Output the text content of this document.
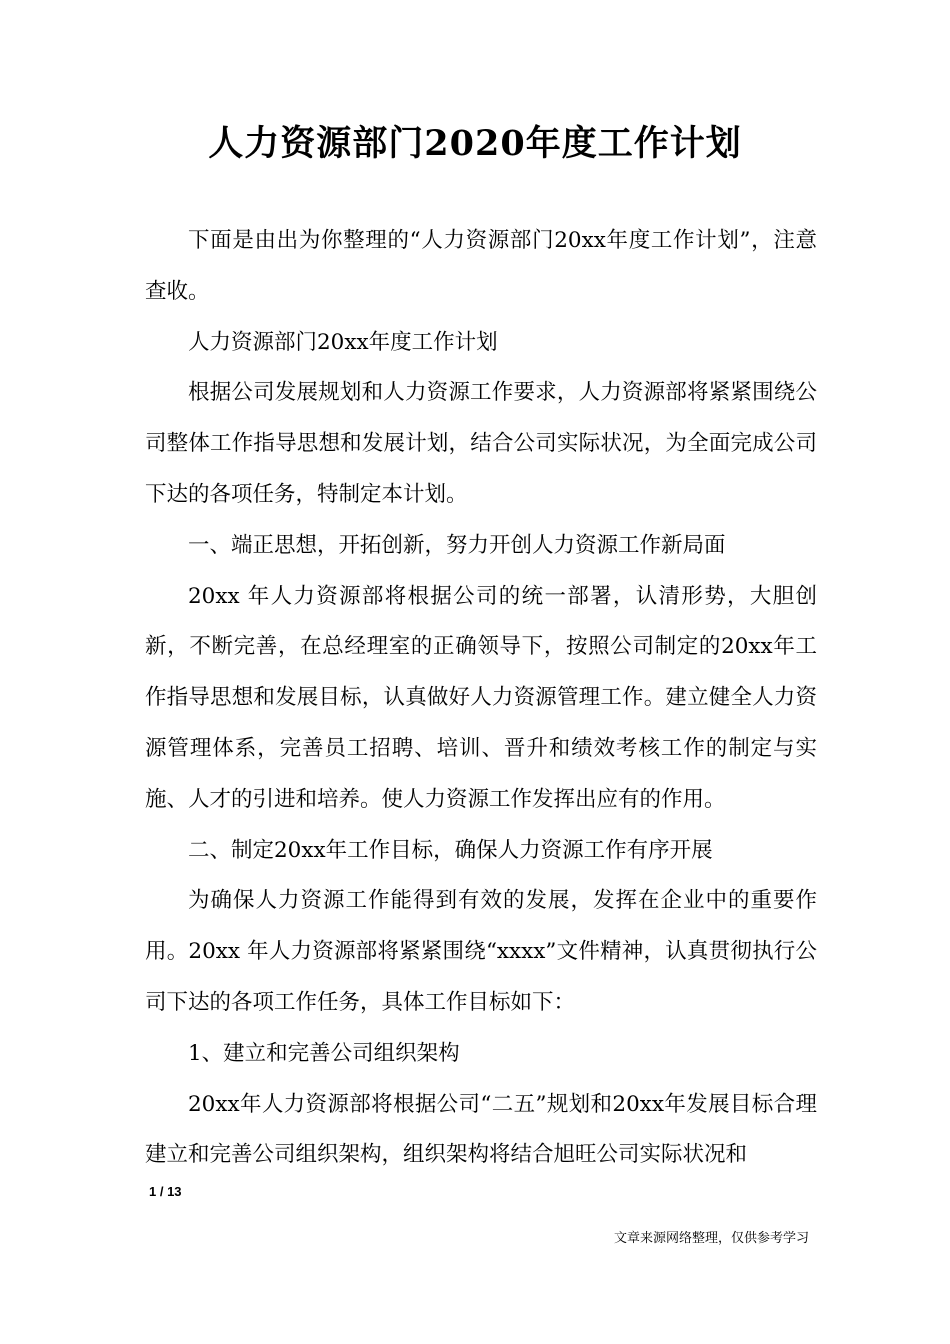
人力资源部门2020年度工作计划

下面是由出为你整理的“人力资源部门20xx年度工作计划”，注意查收。

人力资源部门20xx年度工作计划

根据公司发展规划和人力资源工作要求，人力资源部将紧紧围绕公司整体工作指导思想和发展计划，结合公司实际状况，为全面完成公司下达的各项任务，特制定本计划。

一、端正思想，开拓创新，努力开创人力资源工作新局面

20xx 年人力资源部将根据公司的统一部署，认清形势，大胆创新，不断完善，在总经理室的正确领导下，按照公司制定的20xx年工作指导思想和发展目标，认真做好人力资源管理工作。建立健全人力资源管理体系，完善员工招聘、培训、晋升和绩效考核工作的制定与实施、人才的引进和培养。使人力资源工作发挥出应有的作用。

二、制定20xx年工作目标，确保人力资源工作有序开展

为确保人力资源工作能得到有效的发展，发挥在企业中的重要作用。20xx 年人力资源部将紧紧围绕“xxxx”文件精神，认真贯彻执行公司下达的各项工作任务，具体工作目标如下：

1、建立和完善公司组织架构

20xx年人力资源部将根据公司“二五”规划和20xx年发展目标合理建立和完善公司组织架构，组织架构将结合旭旺公司实际状况和

1 / 13
文章来源网络整理，仅供参考学习
